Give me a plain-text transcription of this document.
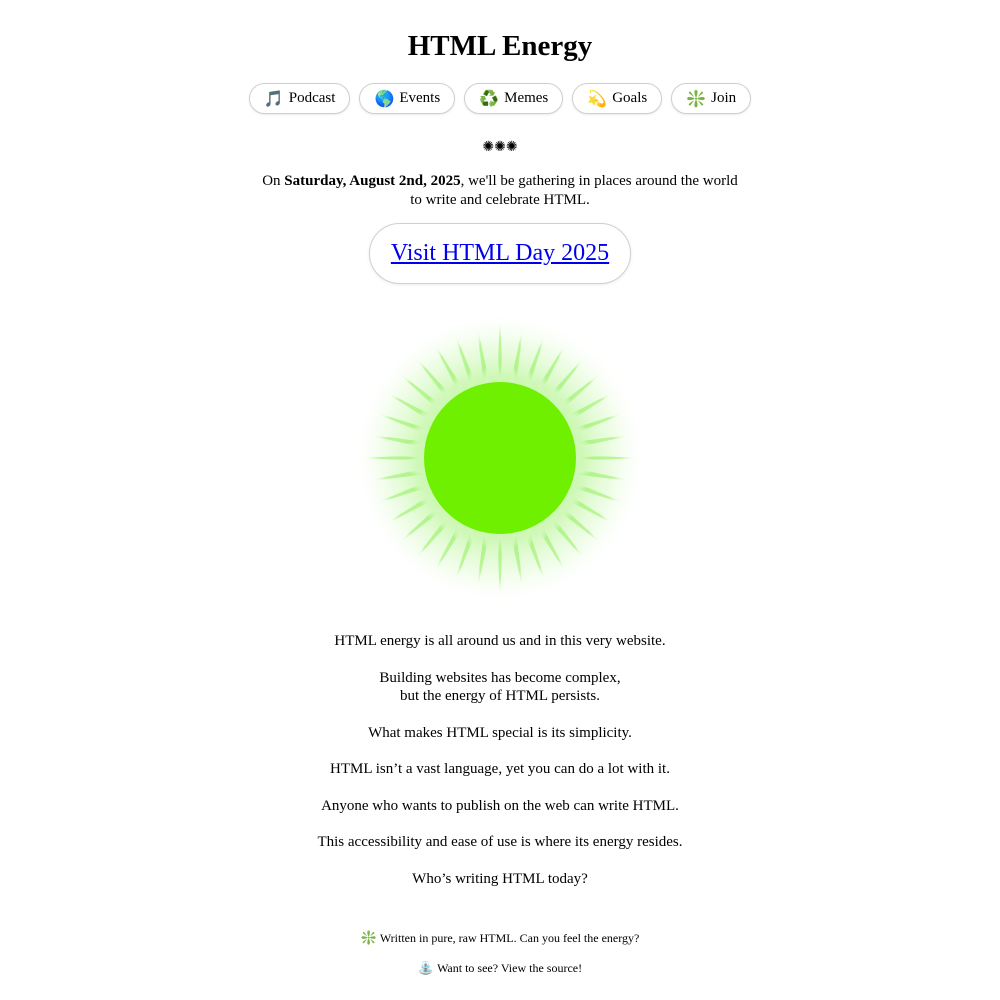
HTML Energy
🎵 Podcast 🌎 Events ♻️ Memes 💫 Goals ❇️ Join
✺✺✺

On Saturday, August 2nd, 2025, we'll be gathering in places around the world to write and celebrate HTML.

Visit HTML Day 2025

HTML energy is all around us and in this very website.

Building websites has become complex,
but the energy of HTML persists.

What makes HTML special is its simplicity.

HTML isn’t a vast language, yet you can do a lot with it.

Anyone who wants to publish on the web can write HTML.

This accessibility and ease of use is where its energy resides.

Who’s writing HTML today?

❇️ Written in pure, raw HTML. Can you feel the energy?

⛲ Want to see? View the source!
